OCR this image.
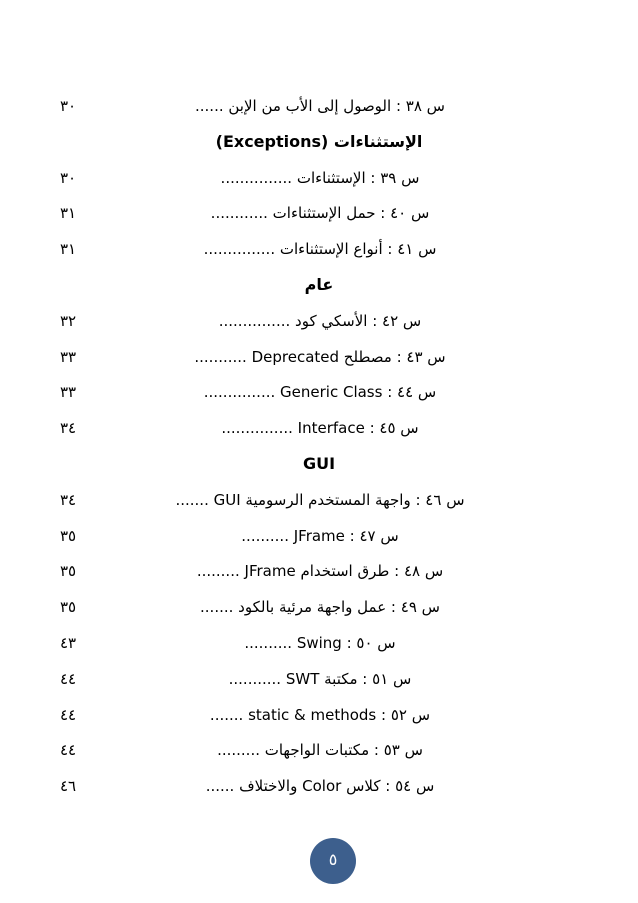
٣٠	س ٣٨ : الوصول إلى الأب من الإبن ......
الإستثناءات (Exceptions)
٣٠	س ٣٩ : الإستثناءات ...............
٣١	س ٤٠ : حمل الإستثناءات ............
٣١	س ٤١ : أنواع الإستثناءات ...............
عام
٣٢	س ٤٢ : الأسكي كود ...............
٣٣	س ٤٣ : مصطلح Deprecated ...........
٣٣	س ٤٤ : Generic Class ...............
٣٤	س ٤٥ : Interface ...............
GUI
٣٤	س ٤٦ : واجهة المستخدم الرسومية GUI .......
٣٥	س ٤٧ : JFrame ..........
٣٥	س ٤٨ : طرق استخدام JFrame .........
٣٥	س ٤٩ : عمل واجهة مرئية بالكود .......
٤٣	س ٥٠ : Swing ..........
٤٤	س ٥١ : مكتبة SWT ...........
٤٤	س ٥٢ : static & methods .......
٤٤	س ٥٣ : مكتبات الواجهات .........
٤٦	س ٥٤ : كلاس Color والاختلاف ......
٥
